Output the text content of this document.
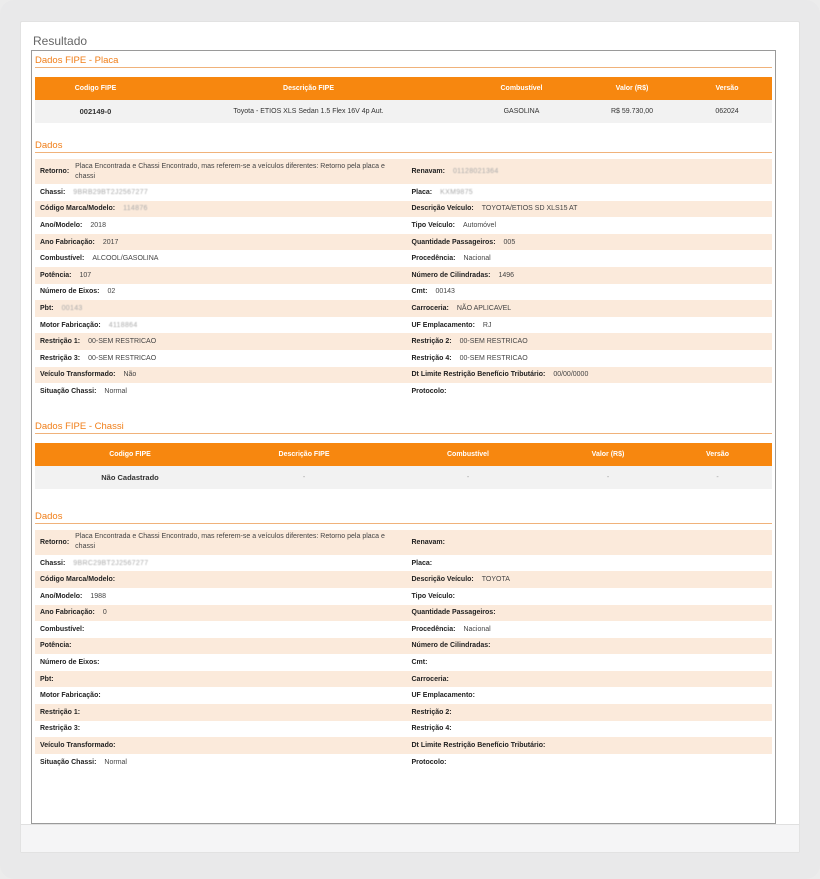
Resultado
Dados FIPE - Placa
Codigo FIPE	Descrição FIPE	Combustível	Valor (R$)	Versão
002149-0	Toyota - ETIOS XLS Sedan 1.5 Flex 16V 4p Aut.	GASOLINA	R$ 59.730,00	062024
Dados
Retorno:
Placa Encontrada e Chassi Encontrado, mas referem-se a veículos diferentes: Retorno pela placa e chassi
Renavam: 01128021364
Chassi: 9BRB29BT2J2567277	Placa: KXM9875
Código Marca/Modelo: 114876	Descrição Veículo: TOYOTA/ETIOS SD XLS15 AT
Ano/Modelo: 2018	Tipo Veículo: Automóvel
Ano Fabricação: 2017	Quantidade Passageiros: 005
Combustível: ALCOOL/GASOLINA	Procedência: Nacional
Potência: 107	Número de Cilindradas: 1496
Número de Eixos: 02	Cmt: 00143
Pbt: 00143	Carroceria: NÃO APLICAVEL
Motor Fabricação: 4118864	UF Emplacamento: RJ
Restrição 1: 00-SEM RESTRICAO	Restrição 2: 00-SEM RESTRICAO
Restrição 3: 00-SEM RESTRICAO	Restrição 4: 00-SEM RESTRICAO
Veículo Transformado: Não	Dt Limite Restrição Benefício Tributário: 00/00/0000
Situação Chassi: Normal	Protocolo:
Dados FIPE - Chassi
Codigo FIPE	Descrição FIPE	Combustível	Valor (R$)	Versão
Não Cadastrado	-	-	-	-
Dados
Retorno:
Placa Encontrada e Chassi Encontrado, mas referem-se a veículos diferentes: Retorno pela placa e chassi
Renavam:
Chassi: 9BRC29BT2J2567277	Placa:
Código Marca/Modelo:	Descrição Veículo: TOYOTA
Ano/Modelo: 1988	Tipo Veículo:
Ano Fabricação: 0	Quantidade Passageiros:
Combustível:	Procedência: Nacional
Potência:	Número de Cilindradas:
Número de Eixos:	Cmt:
Pbt:	Carroceria:
Motor Fabricação:	UF Emplacamento:
Restrição 1:	Restrição 2:
Restrição 3:	Restrição 4:
Veículo Transformado:	Dt Limite Restrição Benefício Tributário:
Situação Chassi: Normal	Protocolo:
